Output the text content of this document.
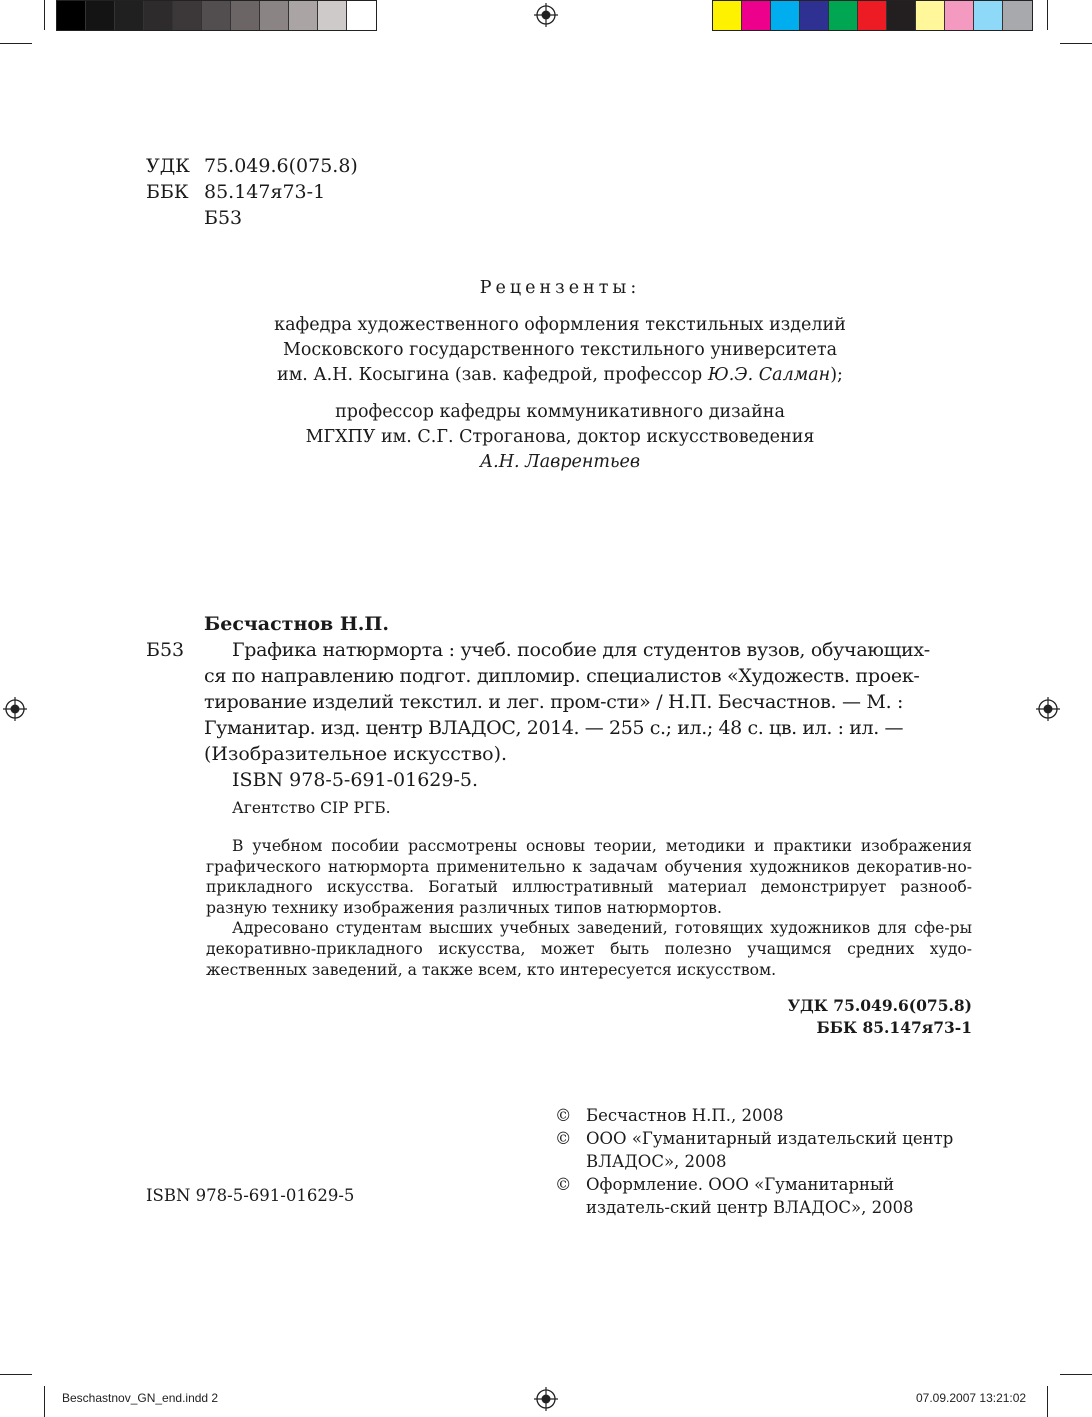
Beschastnov_GN_end.indd 2	07.09.2007 13:21:02
УДК 75.049.6(075.8)
ББК 85.147я73-1
Б53
Рецензенты:
кафедра художественного оформления текстильных изделий
Московского государственного текстильного университета
им. А.Н. Косыгина (зав. кафедрой, профессор Ю.Э. Салман);
профессор кафедры коммуникативного дизайна
МГХПУ им. С.Г. Строганова, доктор искусствоведения
А.Н. Лаврентьев
Бесчастнов Н.П.
Б53	Графика натюрморта : учеб. пособие для студентов вузов, обучающих-
ся по направлению подгот. дипломир. специалистов «Художеств. проек-
тирование изделий текстил. и лег. пром-сти» / Н.П. Бесчастнов. — М. :
Гуманитар. изд. центр ВЛАДОС, 2014. — 255 с.; ил.; 48 с. цв. ил. : ил. —
(Изобразительное искусство).
ISBN 978-5-691-01629-5.
Агентство CIP РГБ.

В учебном пособии рассмотрены основы теории, методики и практики изображения графического натюрморта применительно к задачам обучения художников декоратив-но-прикладного искусства. Богатый иллюстративный материал демонстрирует разнооб-разную технику изображения различных типов натюрмортов.

Адресовано студентам высших учебных заведений, готовящих художников для сфе-ры декоративно-прикладного искусства, может быть полезно учащимся средних худо-жественных заведений, а также всем, кто интересуется искусством.

УДК 75.049.6(075.8)
ББК 85.147я73-1
© Бесчастнов Н.П., 2008
© ООО «Гуманитарный издательский центр ВЛАДОС», 2008
© Оформление. ООО «Гуманитарный издатель-ский центр ВЛАДОС», 2008
ISBN 978-5-691-01629-5
